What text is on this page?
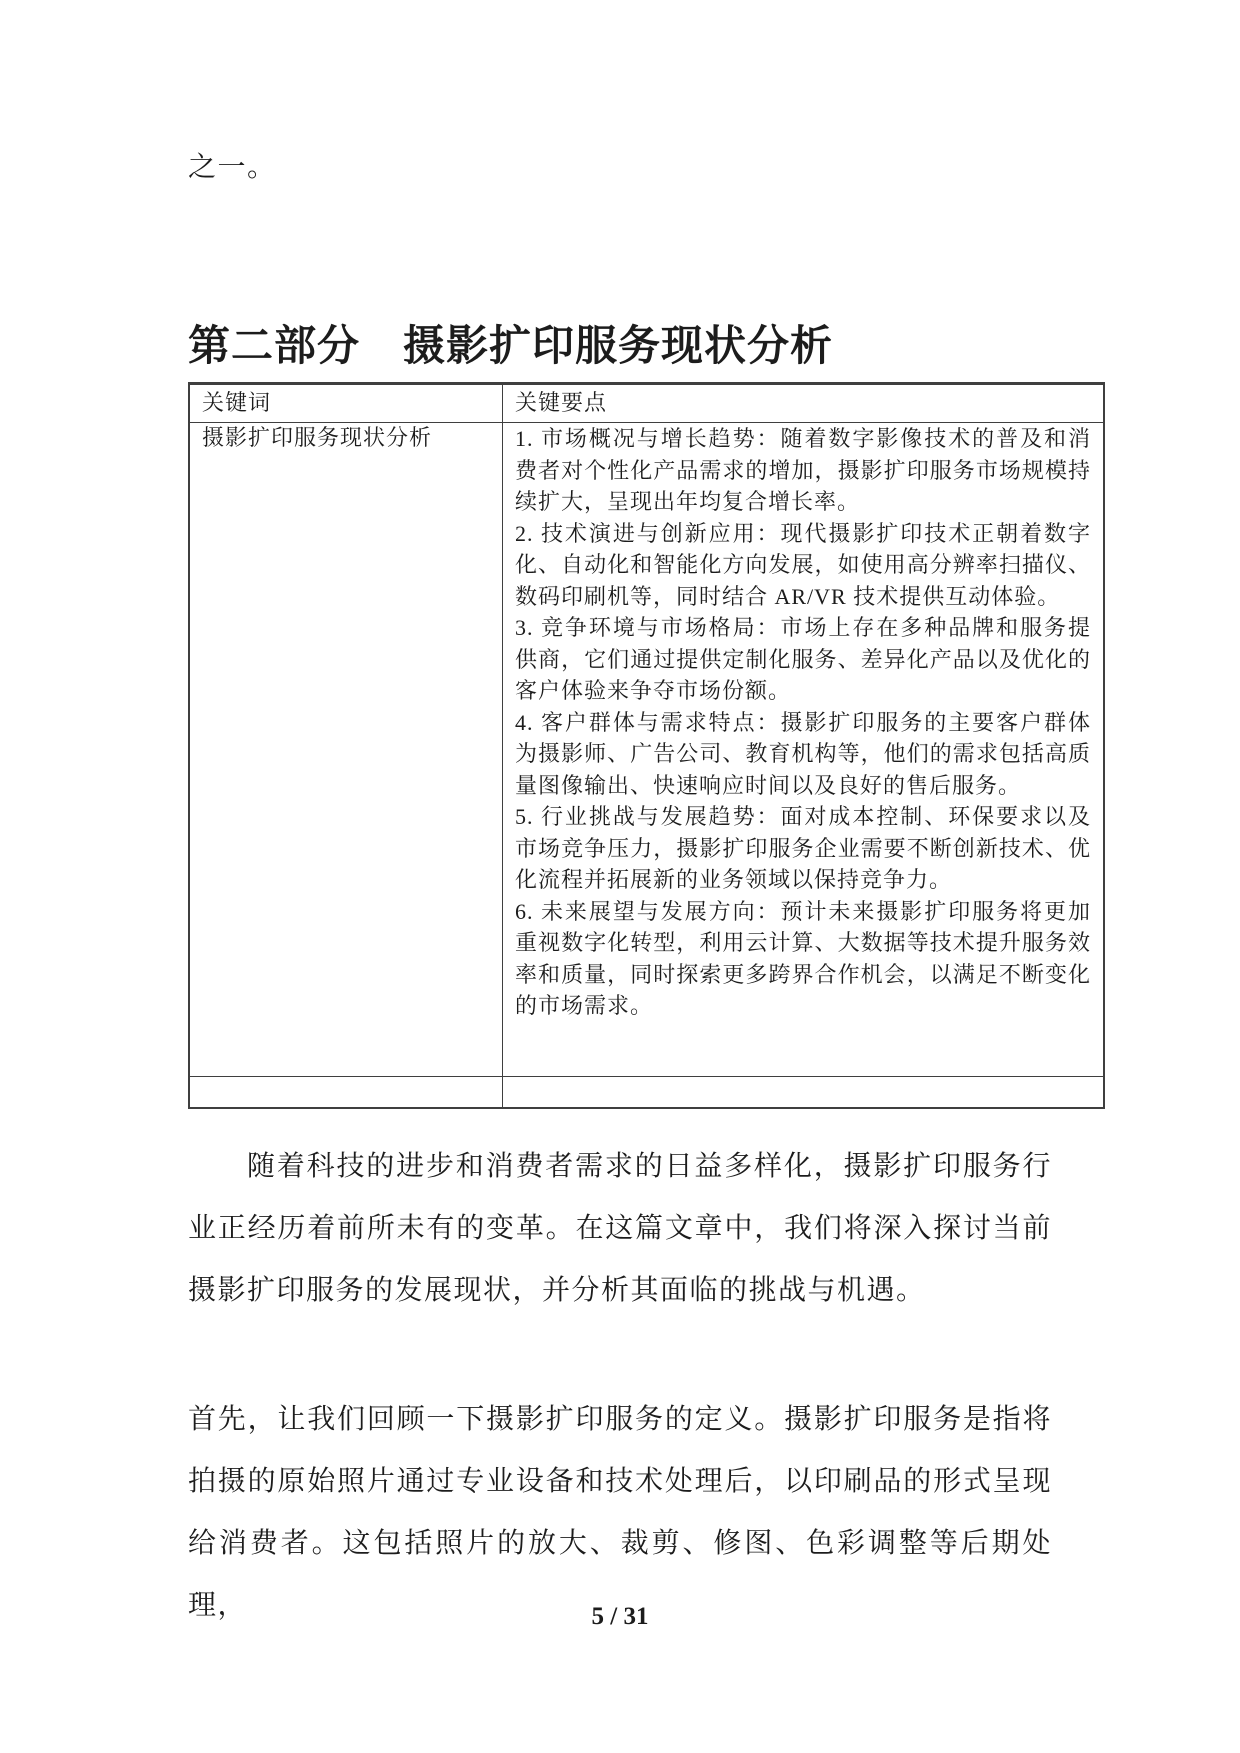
之一。
第二部分　摄影扩印服务现状分析
关键词	关键要点
摄影扩印服务现状分析	1. 市场概况与增长趋势：随着数字影像技术的普及和消费者对个性化产品需求的增加，摄影扩印服务市场规模持续扩大，呈现出年均复合增长率。

2. 技术演进与创新应用：现代摄影扩印技术正朝着数字化、自动化和智能化方向发展，如使用高分辨率扫描仪、数码印刷机等，同时结合 AR/VR 技术提供互动体验。

3. 竞争环境与市场格局：市场上存在多种品牌和服务提供商，它们通过提供定制化服务、差异化产品以及优化的客户体验来争夺市场份额。

4. 客户群体与需求特点：摄影扩印服务的主要客户群体为摄影师、广告公司、教育机构等，他们的需求包括高质量图像输出、快速响应时间以及良好的售后服务。

5. 行业挑战与发展趋势：面对成本控制、环保要求以及市场竞争压力，摄影扩印服务企业需要不断创新技术、优化流程并拓展新的业务领域以保持竞争力。

6. 未来展望与发展方向：预计未来摄影扩印服务将更加重视数字化转型，利用云计算、大数据等技术提升服务效率和质量，同时探索更多跨界合作机会，以满足不断变化的市场需求。

随着科技的进步和消费者需求的日益多样化，摄影扩印服务行业正经历着前所未有的变革。在这篇文章中，我们将深入探讨当前摄影扩印服务的发展现状，并分析其面临的挑战与机遇。

首先，让我们回顾一下摄影扩印服务的定义。摄影扩印服务是指将拍摄的原始照片通过专业设备和技术处理后，以印刷品的形式呈现给消费者。这包括照片的放大、裁剪、修图、色彩调整等后期处理，	5 / 31
